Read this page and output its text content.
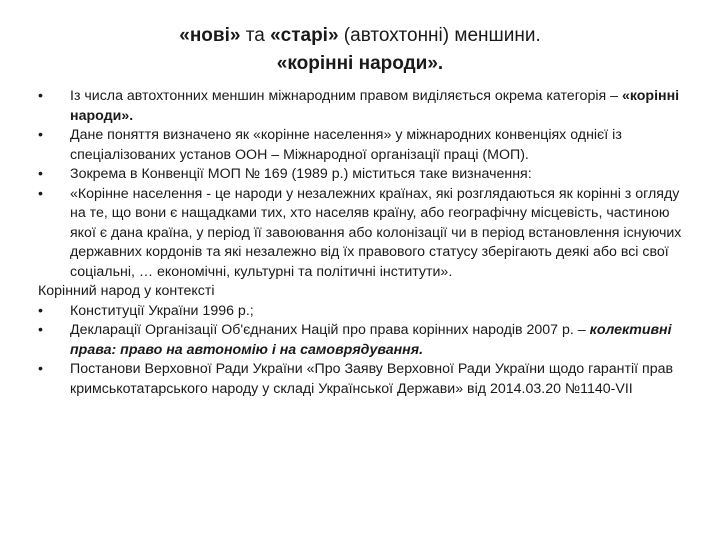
«нові» та «старі» (автохтонні) меншини.
«корінні народи».
•	Із числа автохтонних меншин міжнародним правом виділяється окрема категорія – «корінні народи».
•	Дане поняття визначено як «корінне населення» у міжнародних конвенціях однієї із спеціалізованих установ ООН – Міжнародної організації праці (МОП).
•	Зокрема в Конвенції МОП № 169 (1989 р.) міститься таке визначення:
•	«Корінне населення - це народи у незалежних країнах, які розглядаються як корінні з огляду на те, що вони є нащадками тих, хто населяв країну, або географічну місцевість, частиною якої є дана країна, у період її завоювання або колонізації чи в період встановлення існуючих державних кордонів та які незалежно від їх правового статусу зберігають деякі або всі свої соціальні, … економічні, культурні та політичні інститути».
Корінний народ у контексті
•	Конституції України 1996 р.;
•	Декларації Організації Об'єднаних Націй про права корінних народів 2007 р. – колективні права: право на автономію і на самоврядування.
•	Постанови Верховної Ради України «Про Заяву Верховної Ради України щодо гарантії прав кримськотатарського народу у складі Української Держави» від 2014.03.20 №1140-VII
